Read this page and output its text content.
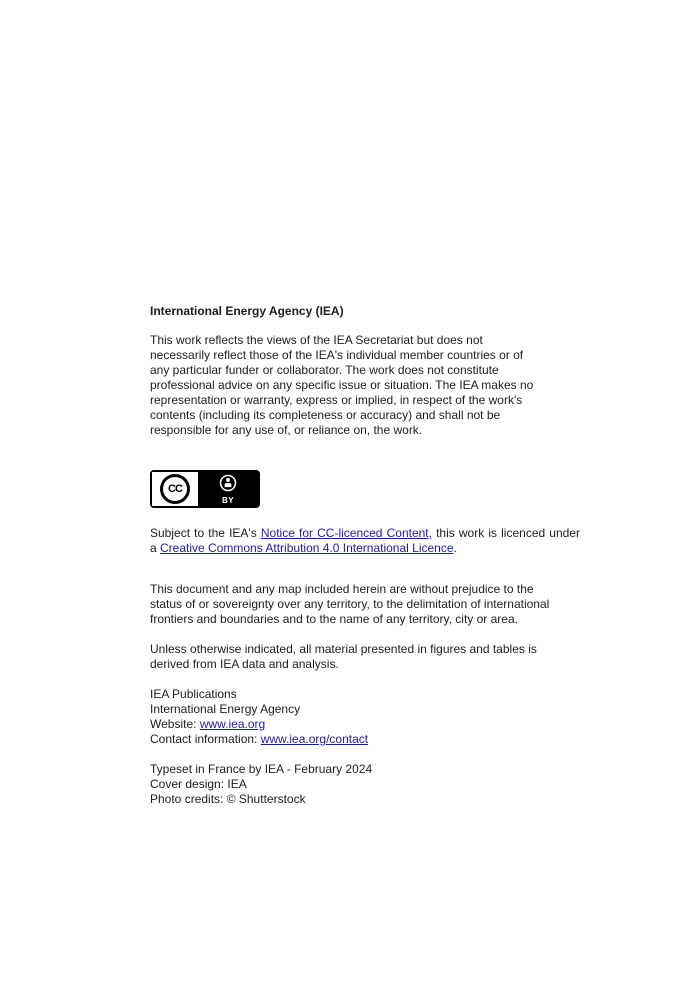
International Energy Agency (IEA)

This work reflects the views of the IEA Secretariat but does not necessarily reflect those of the IEA's individual member countries or of any particular funder or collaborator. The work does not constitute professional advice on any specific issue or situation. The IEA makes no representation or warranty, express or implied, in respect of the work's contents (including its completeness or accuracy) and shall not be responsible for any use of, or reliance on, the work.

CC
BY

Subject to the IEA's Notice for CC-licenced Content, this work is licenced under a Creative Commons Attribution 4.0 International Licence.

This document and any map included herein are without prejudice to the status of or sovereignty over any territory, to the delimitation of international frontiers and boundaries and to the name of any territory, city or area.

Unless otherwise indicated, all material presented in figures and tables is derived from IEA data and analysis.

IEA Publications

International Energy Agency

Website: www.iea.org

Contact information: www.iea.org/contact

Typeset in France by IEA - February 2024

Cover design: IEA

Photo credits: © Shutterstock
